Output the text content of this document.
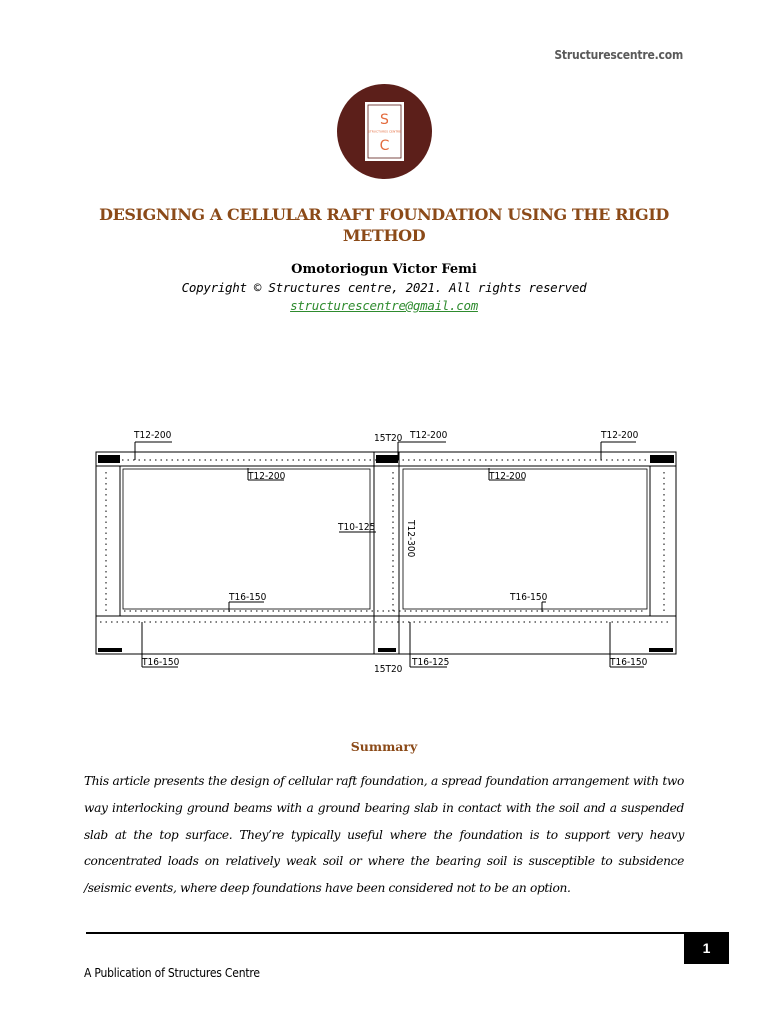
Structurescentre.com
S
STRUCTURES CENTRE
C
DESIGNING A CELLULAR RAFT FOUNDATION USING THE RIGID METHOD
Omotoriogun Victor Femi
Copyright © Structures centre, 2021. All rights reserved
structurescentre@gmail.com
T12-200	15T20 T12-200	T12-200
T12-200	T12-200
T10-125	T12-300
T16-150	T16-150
T16-150
15T20
T16-125	T16-150
Summary
This article presents the design of cellular raft foundation, a spread foundation arrangement with two way interlocking ground beams with a ground bearing slab in contact with the soil and a suspended slab at the top surface. They’re typically useful where the foundation is to support very heavy concentrated loads on relatively weak soil or where the bearing soil is susceptible to subsidence /seismic events, where deep foundations have been considered not to be an option.
1
A Publication of Structures Centre
